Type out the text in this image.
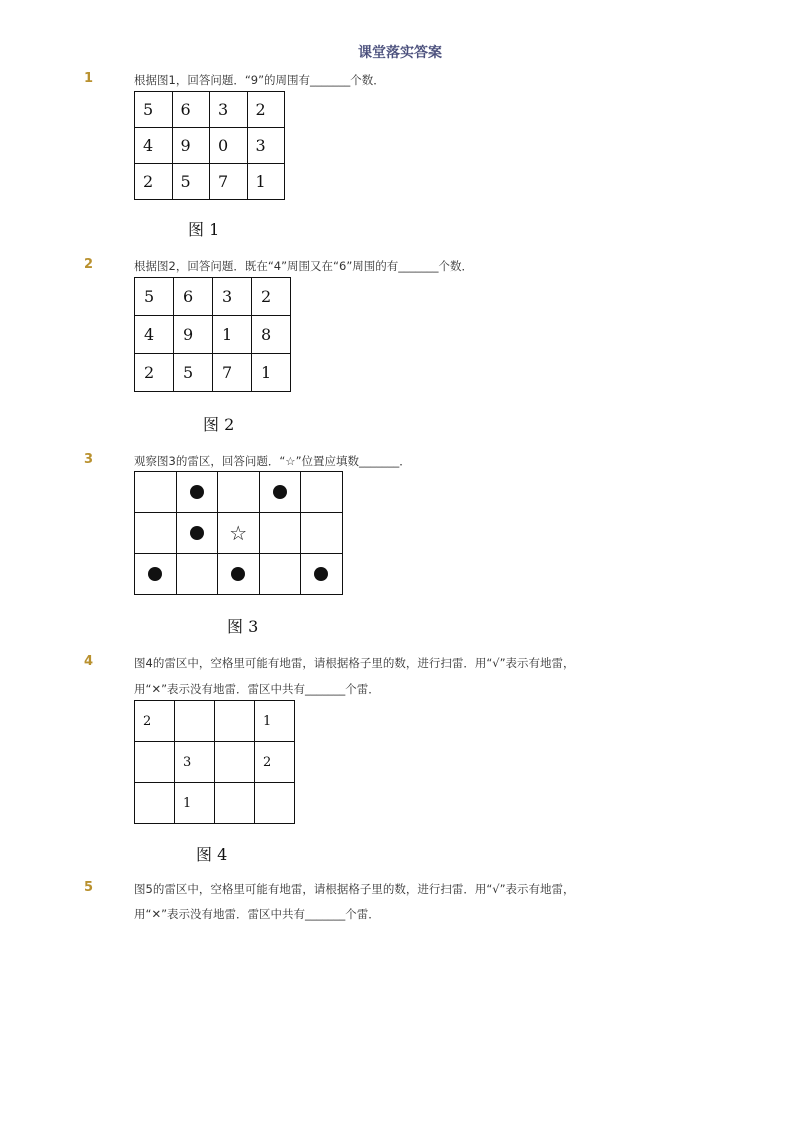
课堂落实答案
1	根据图1，回答问题．“9”的周围有_______个数．
5	6	3	2
4	9	0	3
2	5	7	1
图 1
2	根据图2，回答问题．既在“4”周围又在“6”周围的有_______个数．
5	6	3	2
4	9	1	8
2	5	7	1
图 2
3	观察图3的雷区，回答问题．“☆”位置应填数_______．

		☆		

图 3
4	图4的雷区中，空格里可能有地雷，请根据格子里的数，进行扫雷．用“√”表示有地雷，
用“✕”表示没有地雷．雷区中共有_______个雷．
2			1
	3		2
	1		
图 4
5	图5的雷区中，空格里可能有地雷，请根据格子里的数，进行扫雷．用“√”表示有地雷，
用“✕”表示没有地雷．雷区中共有_______个雷．
